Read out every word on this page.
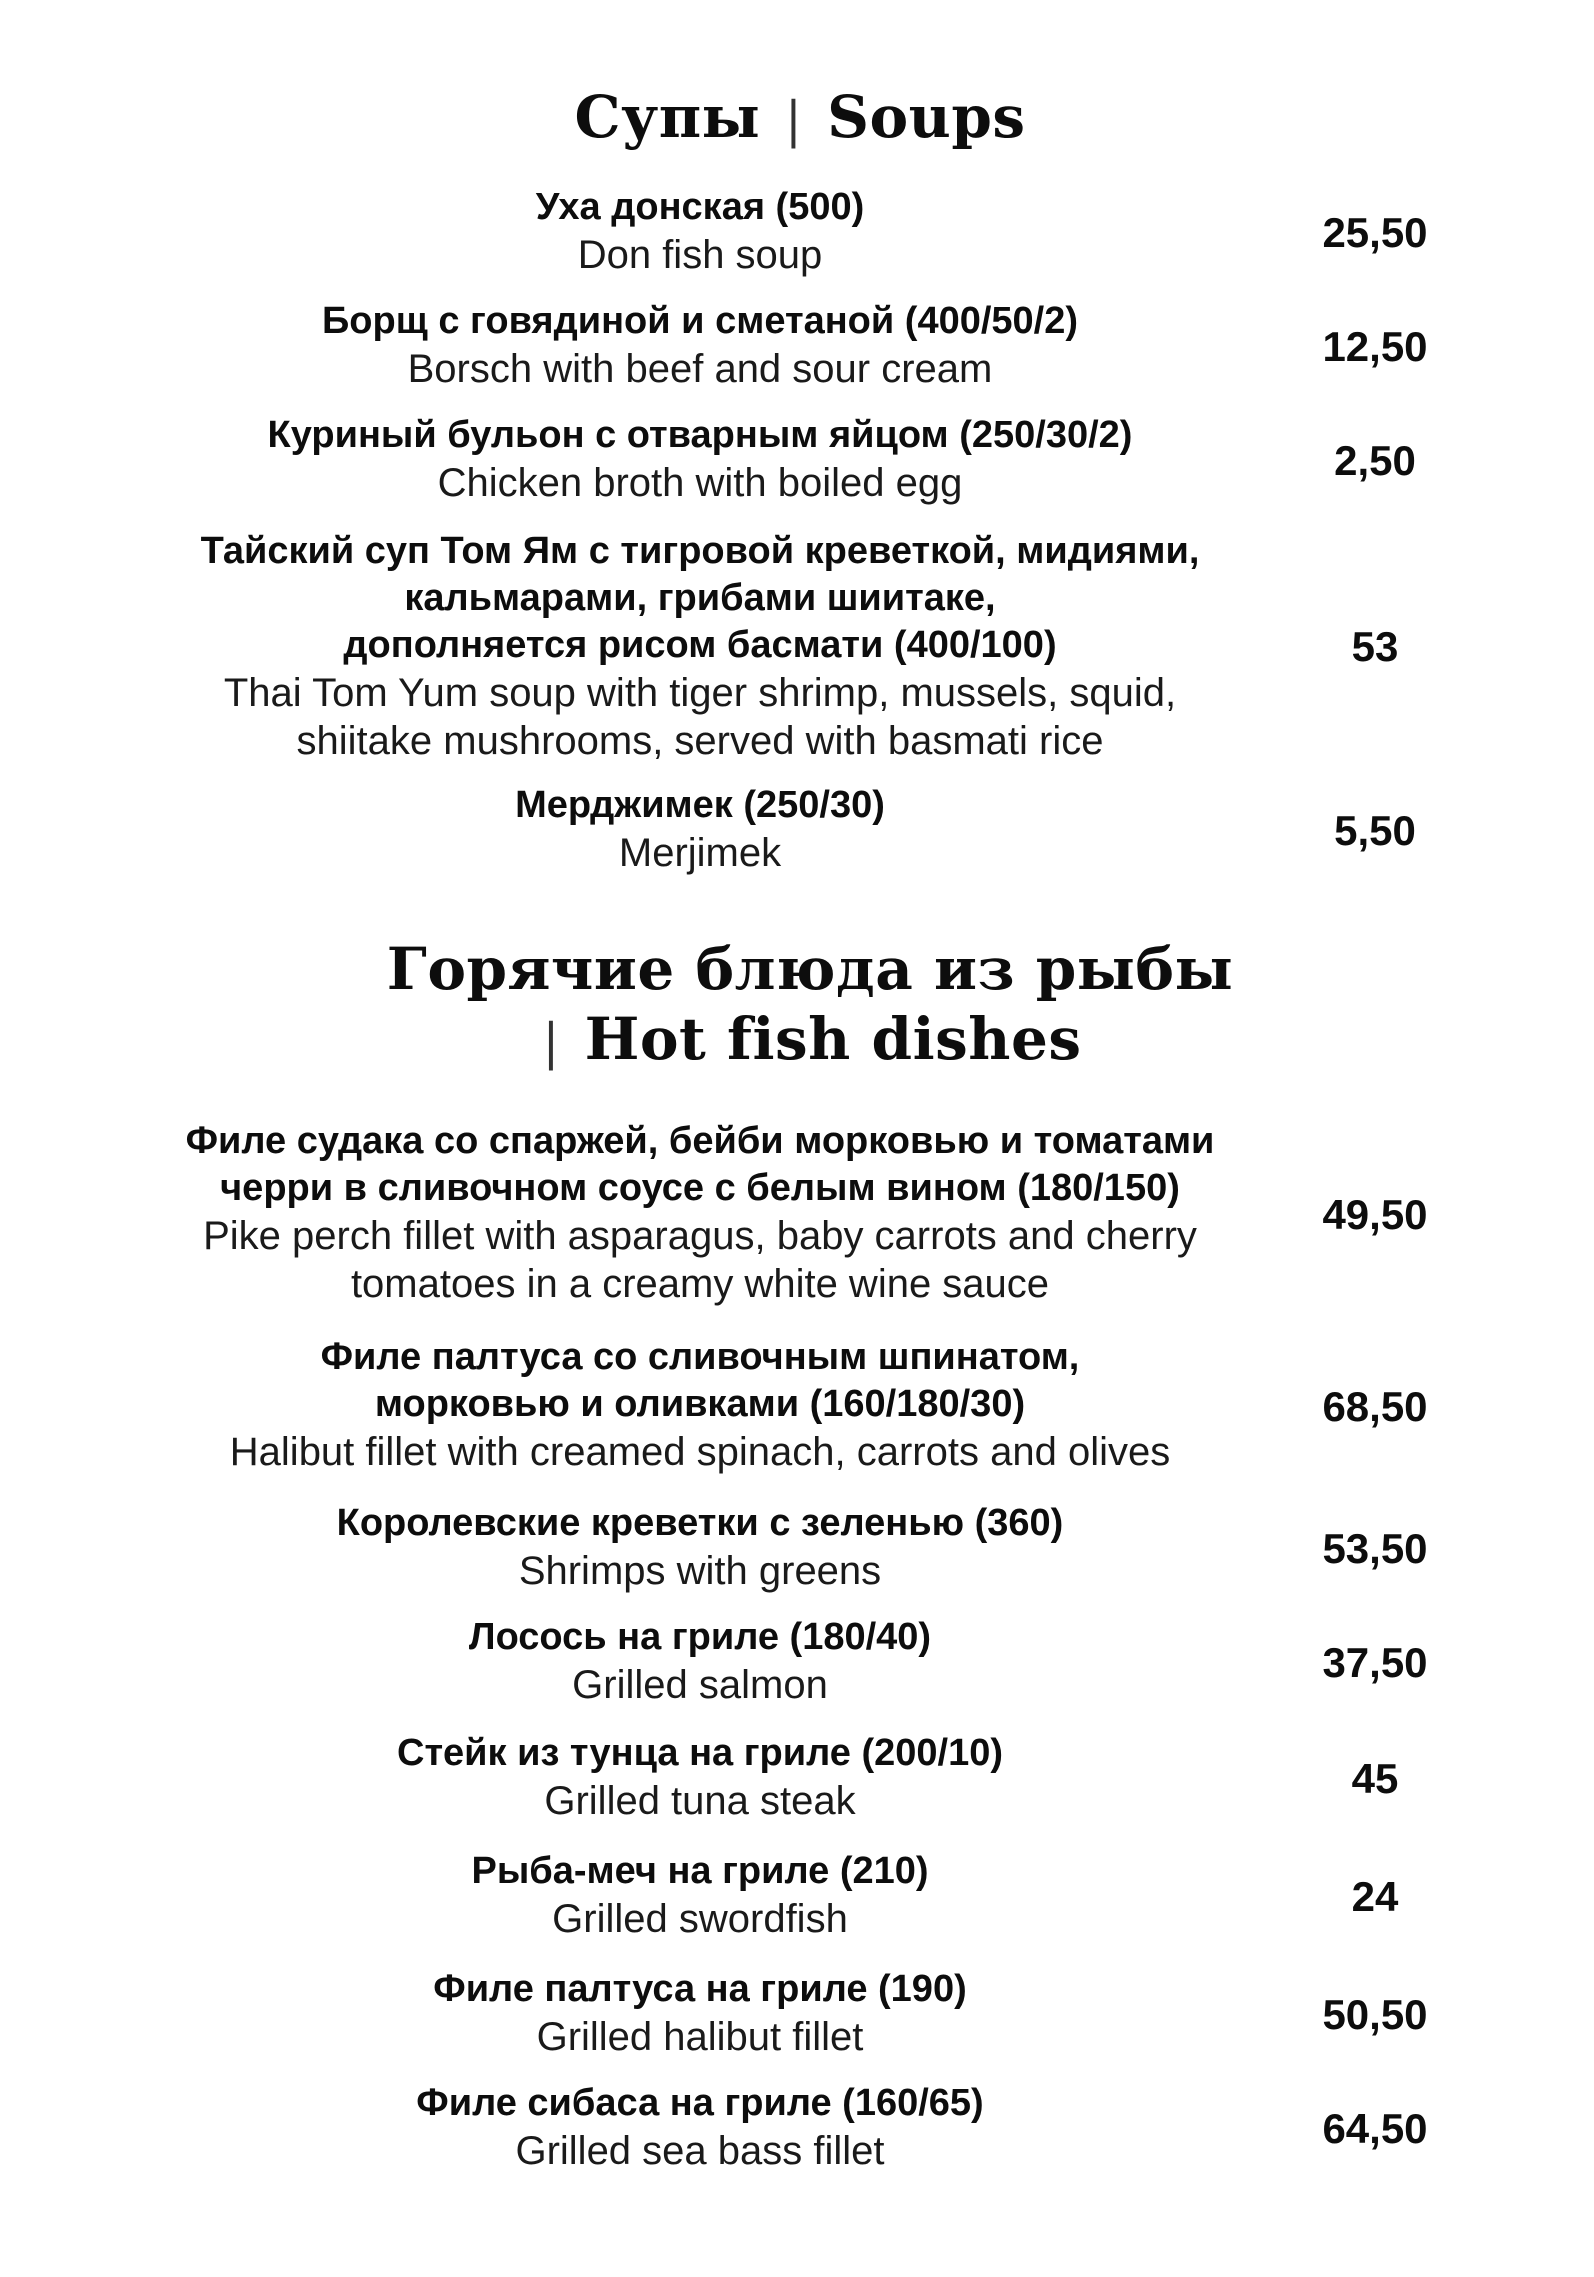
Супы | Soups
Уха донская (500)
Don fish soup	25,50
Борщ с говядиной и сметаной (400/50/2)
Borsch with beef and sour cream	12,50
Куриный бульон с отварным яйцом (250/30/2)
Chicken broth with boiled egg	2,50
Тайский суп Том Ям с тигровой креветкой, мидиями,
кальмарами, грибами шиитаке,
дополняется рисом басмати (400/100)
Thai Tom Yum soup with tiger shrimp, mussels, squid,
shiitake mushrooms, served with basmati rice
53
Мерджимек (250/30)
Merjimek	5,50
Горячие блюда из рыбы
| Hot fish dishes
Филе судака со спаржей, бейби морковью и томатами
черри в сливочном соусе с белым вином (180/150)
Pike perch fillet with asparagus, baby carrots and cherry
tomatoes in a creamy white wine sauce
49,50
Филе палтуса со сливочным шпинатом,
морковью и оливками (160/180/30)
Halibut fillet with creamed spinach, carrots and olives
68,50
Королевские креветки с зеленью (360)
Shrimps with greens	53,50
Лосось на гриле (180/40)
Grilled salmon	37,50
Стейк из тунца на гриле (200/10)
Grilled tuna steak	45
Рыба-меч на гриле (210)
Grilled swordfish	24
Филе палтуса на гриле (190)
Grilled halibut fillet	50,50
Филе сибаса на гриле (160/65)
Grilled sea bass fillet	64,50
